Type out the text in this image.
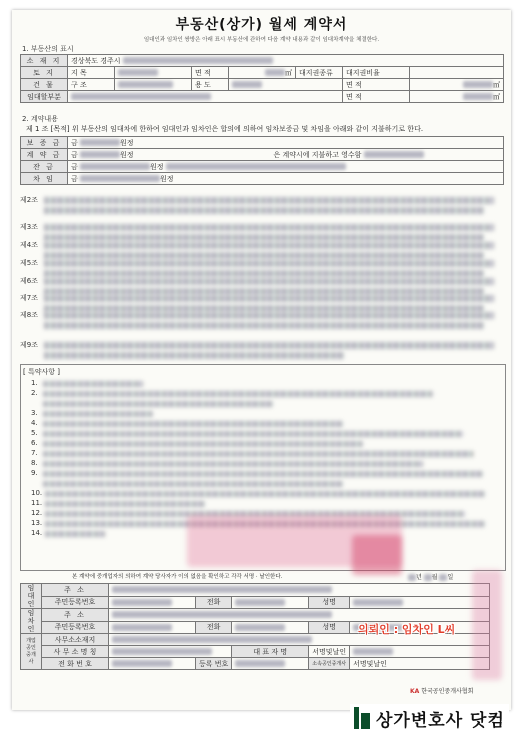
부동산(상가) 월세 계약서
임대인과 임차인 쌍방은 아래 표시 부동산에 관하여 다음 계약 내용과 같이 임대차계약을 체결한다.
1. 부동산의 표시
소 재 지	경상북도 경주시						
토 지	지 목		면 적	㎡	대지권종류	대지권비율	
건 물	구 조		용 도			면 적	㎡
임대할부분						면 적	㎡
2. 계약내용
제 1 조 [목적] 위 부동산의 임대차에 한하여 임대인과 임차인은 합의에 의하여 임차보증금 및 차임을 아래와 같이 지불하기로 한다.
보 증 금	금 원정
계 약 금	금 원정 은 계약시에 지불하고 영수함
잔 금	금 원정
차 임	금 원정
제2조
제3조
제4조
제5조
제6조
제7조
제8조
제9조
[ 특약사항 ]
1.
2.
3.
4.
5.
6.
7.
8.
9.
10.
11.
12.
13.
14.
본 계약에 중개업자의 의하여 계약 당사자가 이의 없음을 확인하고 각각 서명 · 날인한다.	년 월 일
임 대 인	주 소					
	주민등록번호		전화		성명	
임 차 인	주 소					
	주민등록번호		전화		성명	
개업 공인 중개사	사무소소재지					
	사 무 소 명 칭			대 표 자 명	서명및날인	
	전 화 번 호		등록 번호		소속공인중개사	서명및날인
KA 한국공인중개사협회
의뢰인 : 임차인 L씨
상가변호사 닷컴
